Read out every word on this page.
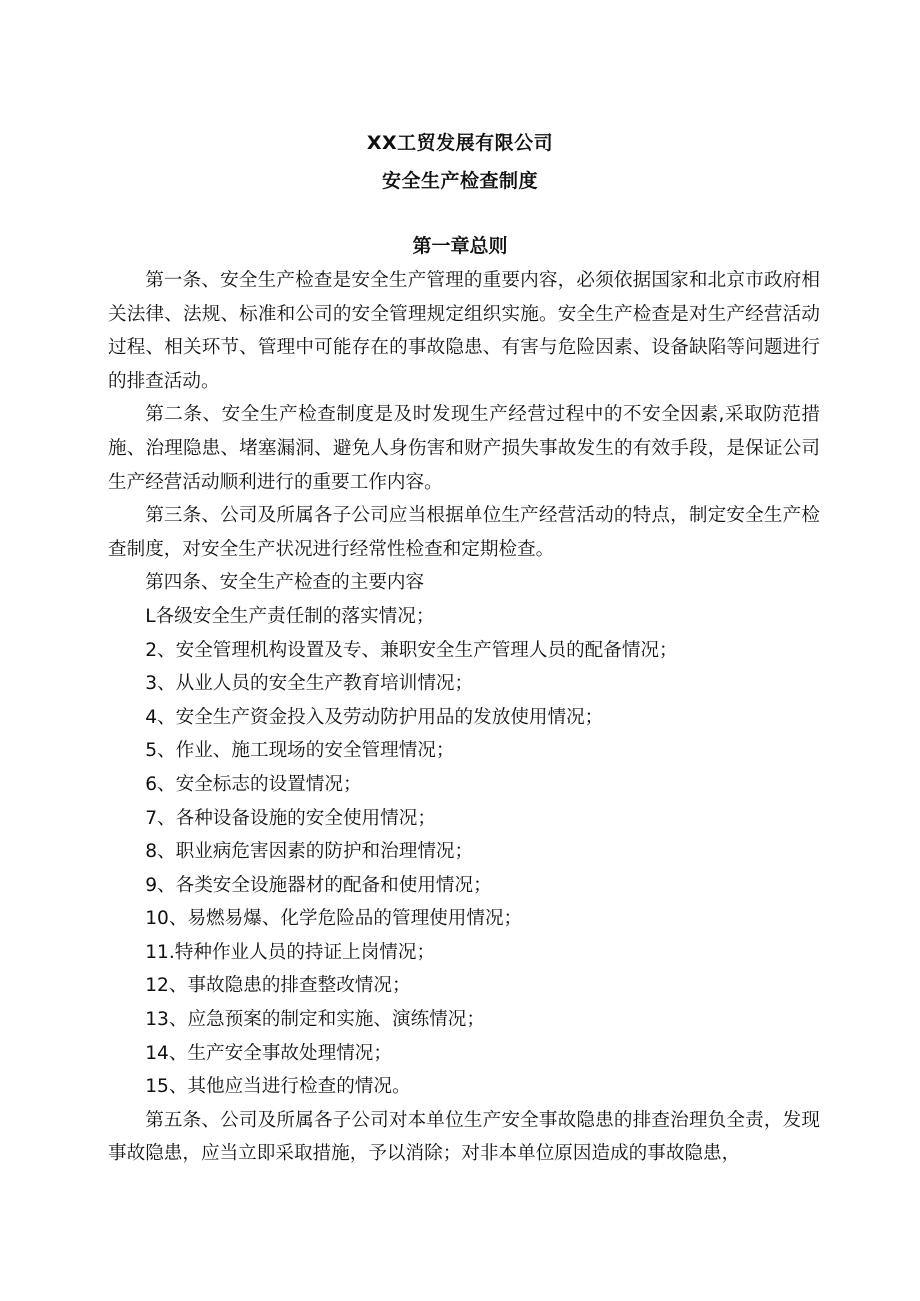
XX工贸发展有限公司
安全生产检查制度
第一章总则

第一条、安全生产检查是安全生产管理的重要内容，必须依据国家和北京市政府相关法律、法规、标准和公司的安全管理规定组织实施。安全生产检查是对生产经营活动过程、相关环节、管理中可能存在的事故隐患、有害与危险因素、设备缺陷等问题进行的排查活动。

第二条、安全生产检查制度是及时发现生产经营过程中的不安全因素,采取防范措施、治理隐患、堵塞漏洞、避免人身伤害和财产损失事故发生的有效手段，是保证公司生产经营活动顺利进行的重要工作内容。

第三条、公司及所属各子公司应当根据单位生产经营活动的特点，制定安全生产检查制度，对安全生产状况进行经常性检查和定期检查。

第四条、安全生产检查的主要内容

L各级安全生产责任制的落实情况；

2、安全管理机构设置及专、兼职安全生产管理人员的配备情况；

3、从业人员的安全生产教育培训情况；

4、安全生产资金投入及劳动防护用品的发放使用情况；

5、作业、施工现场的安全管理情况；

6、安全标志的设置情况；

7、各种设备设施的安全使用情况；

8、职业病危害因素的防护和治理情况；

9、各类安全设施器材的配备和使用情况；

10、易燃易爆、化学危险品的管理使用情况；

11.特种作业人员的持证上岗情况；

12、事故隐患的排查整改情况；

13、应急预案的制定和实施、演练情况；

14、生产安全事故处理情况；

15、其他应当进行检查的情况。

第五条、公司及所属各子公司对本单位生产安全事故隐患的排查治理负全责，发现事故隐患，应当立即采取措施，予以消除；对非本单位原因造成的事故隐患，
